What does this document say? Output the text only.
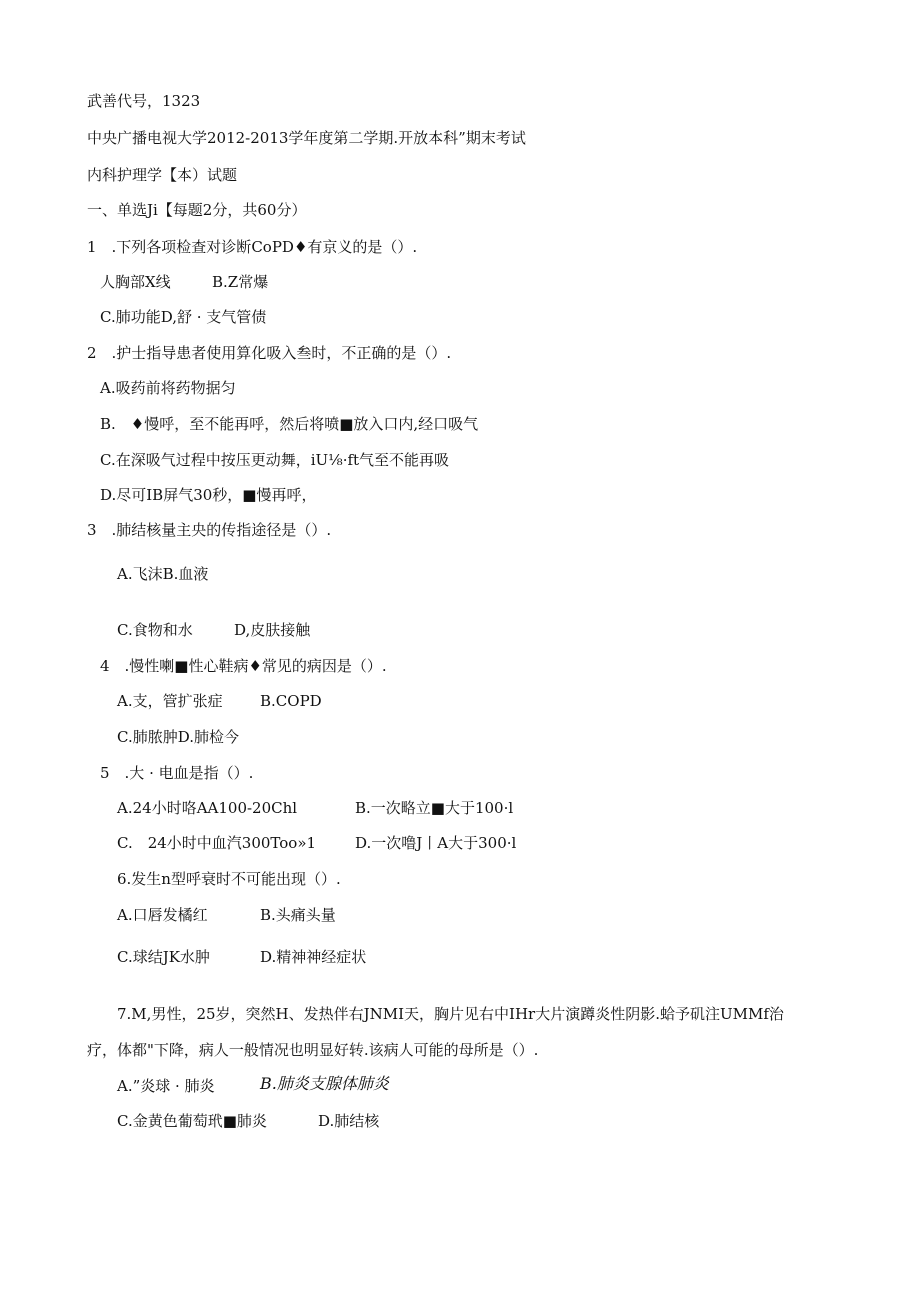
武善代号，1323
中央广播电视大学2012-2013学年度第二学期.开放本科”期末考试
内科护理学【本）试题
一、单选Ji【每题2分，共60分）
1　.下列各项检查对诊断CoPD♦有京义的是（）.
人胸部X线	B.Z常爆
C.肺功能D,舒 · 支气管债
2　.护士指导患者使用算化吸入叁时，不正确的是（）.
A.吸药前将药物据匀
B.　♦慢呼，至不能再呼，然后将喷■放入口内,经口吸气
C.在深吸气过程中按压更动舞，iU⅛·ft气至不能再吸
D.尽可IB屏气30秒，■慢再呼，
3　.肺结核量主央的传指途径是（）.
A.飞沫B.血液
C.食物和水	D,皮肤接触
4　.慢性喇■性心鞋病♦常见的病因是（）.
A.支，管扩张症 B.COPD
C.肺脓肿D.肺检今
5　.大 · 电血是指（）.
A.24小时咯AA100-20Chl	B.一次略立■大于100·l
C.　24小时中血汽300Too»1	D.一次噜J丨A大于300·l
6.发生n型呼衰时不可能出现（）.
A.口唇发橘红	B.头痛头量
C.球结JK水肿	D.精神神经症状
7.M,男性，25岁，突然H、发热伴右JNMI天，胸片见右中IHr大片演蹲炎性阴影.蛤予矶注UMMf治
疗，体都"下降，病人一般情况也明显好转.该病人可能的母所是（）.
A.”炎球 · 肺炎	B.肺炎支腺体肺炎
C.金黄色葡萄玳■肺炎	D.肺结核
